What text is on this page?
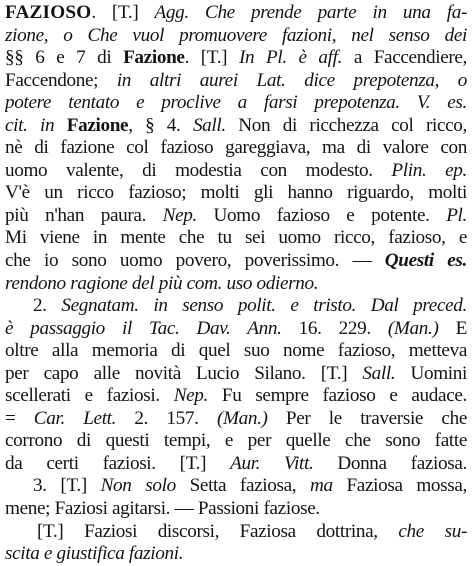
FAZIOSO. [T.] Agg. Che prende parte in una fa-
zione, o Che vuol promuovere fazioni, nel senso dei
§§ 6 e 7 di Fazione. [T.] In Pl. è aff. a Faccendiere,
Faccendone; in altri aurei Lat. dice prepotenza, o
potere tentato e proclive a farsi prepotenza. V. es.
cit. in Fazione, § 4. Sall. Non di ricchezza col ricco,
nè di fazione col fazioso gareggiava, ma di valore con
uomo valente, di modestia con modesto. Plin. ep.
V'è un ricco fazioso; molti gli hanno riguardo, molti
più n'han paura. Nep. Uomo fazioso e potente. Pl.
Mi viene in mente che tu sei uomo ricco, fazioso, e
che io sono uomo povero, poverissimo. — Questi es.
rendono ragione del più com. uso odierno.
2. Segnatam. in senso polit. e tristo. Dal preced.
è passaggio il Tac. Dav. Ann. 16. 229. (Man.) E
oltre alla memoria di quel suo nome fazioso, metteva
per capo alle novità Lucio Silano. [T.] Sall. Uomini
scellerati e faziosi. Nep. Fu sempre fazioso e audace.
= Car. Lett. 2. 157. (Man.) Per le traversie che
corrono di questi tempi, e per quelle che sono fatte
da certi faziosi. [T.] Aur. Vitt. Donna faziosa.
3. [T.] Non solo Setta faziosa, ma Faziosa mossa,
mene; Faziosi agitarsi. — Passioni faziose.
[T.] Faziosi discorsi, Faziosa dottrina, che su-
scita e giustifica fazioni.
